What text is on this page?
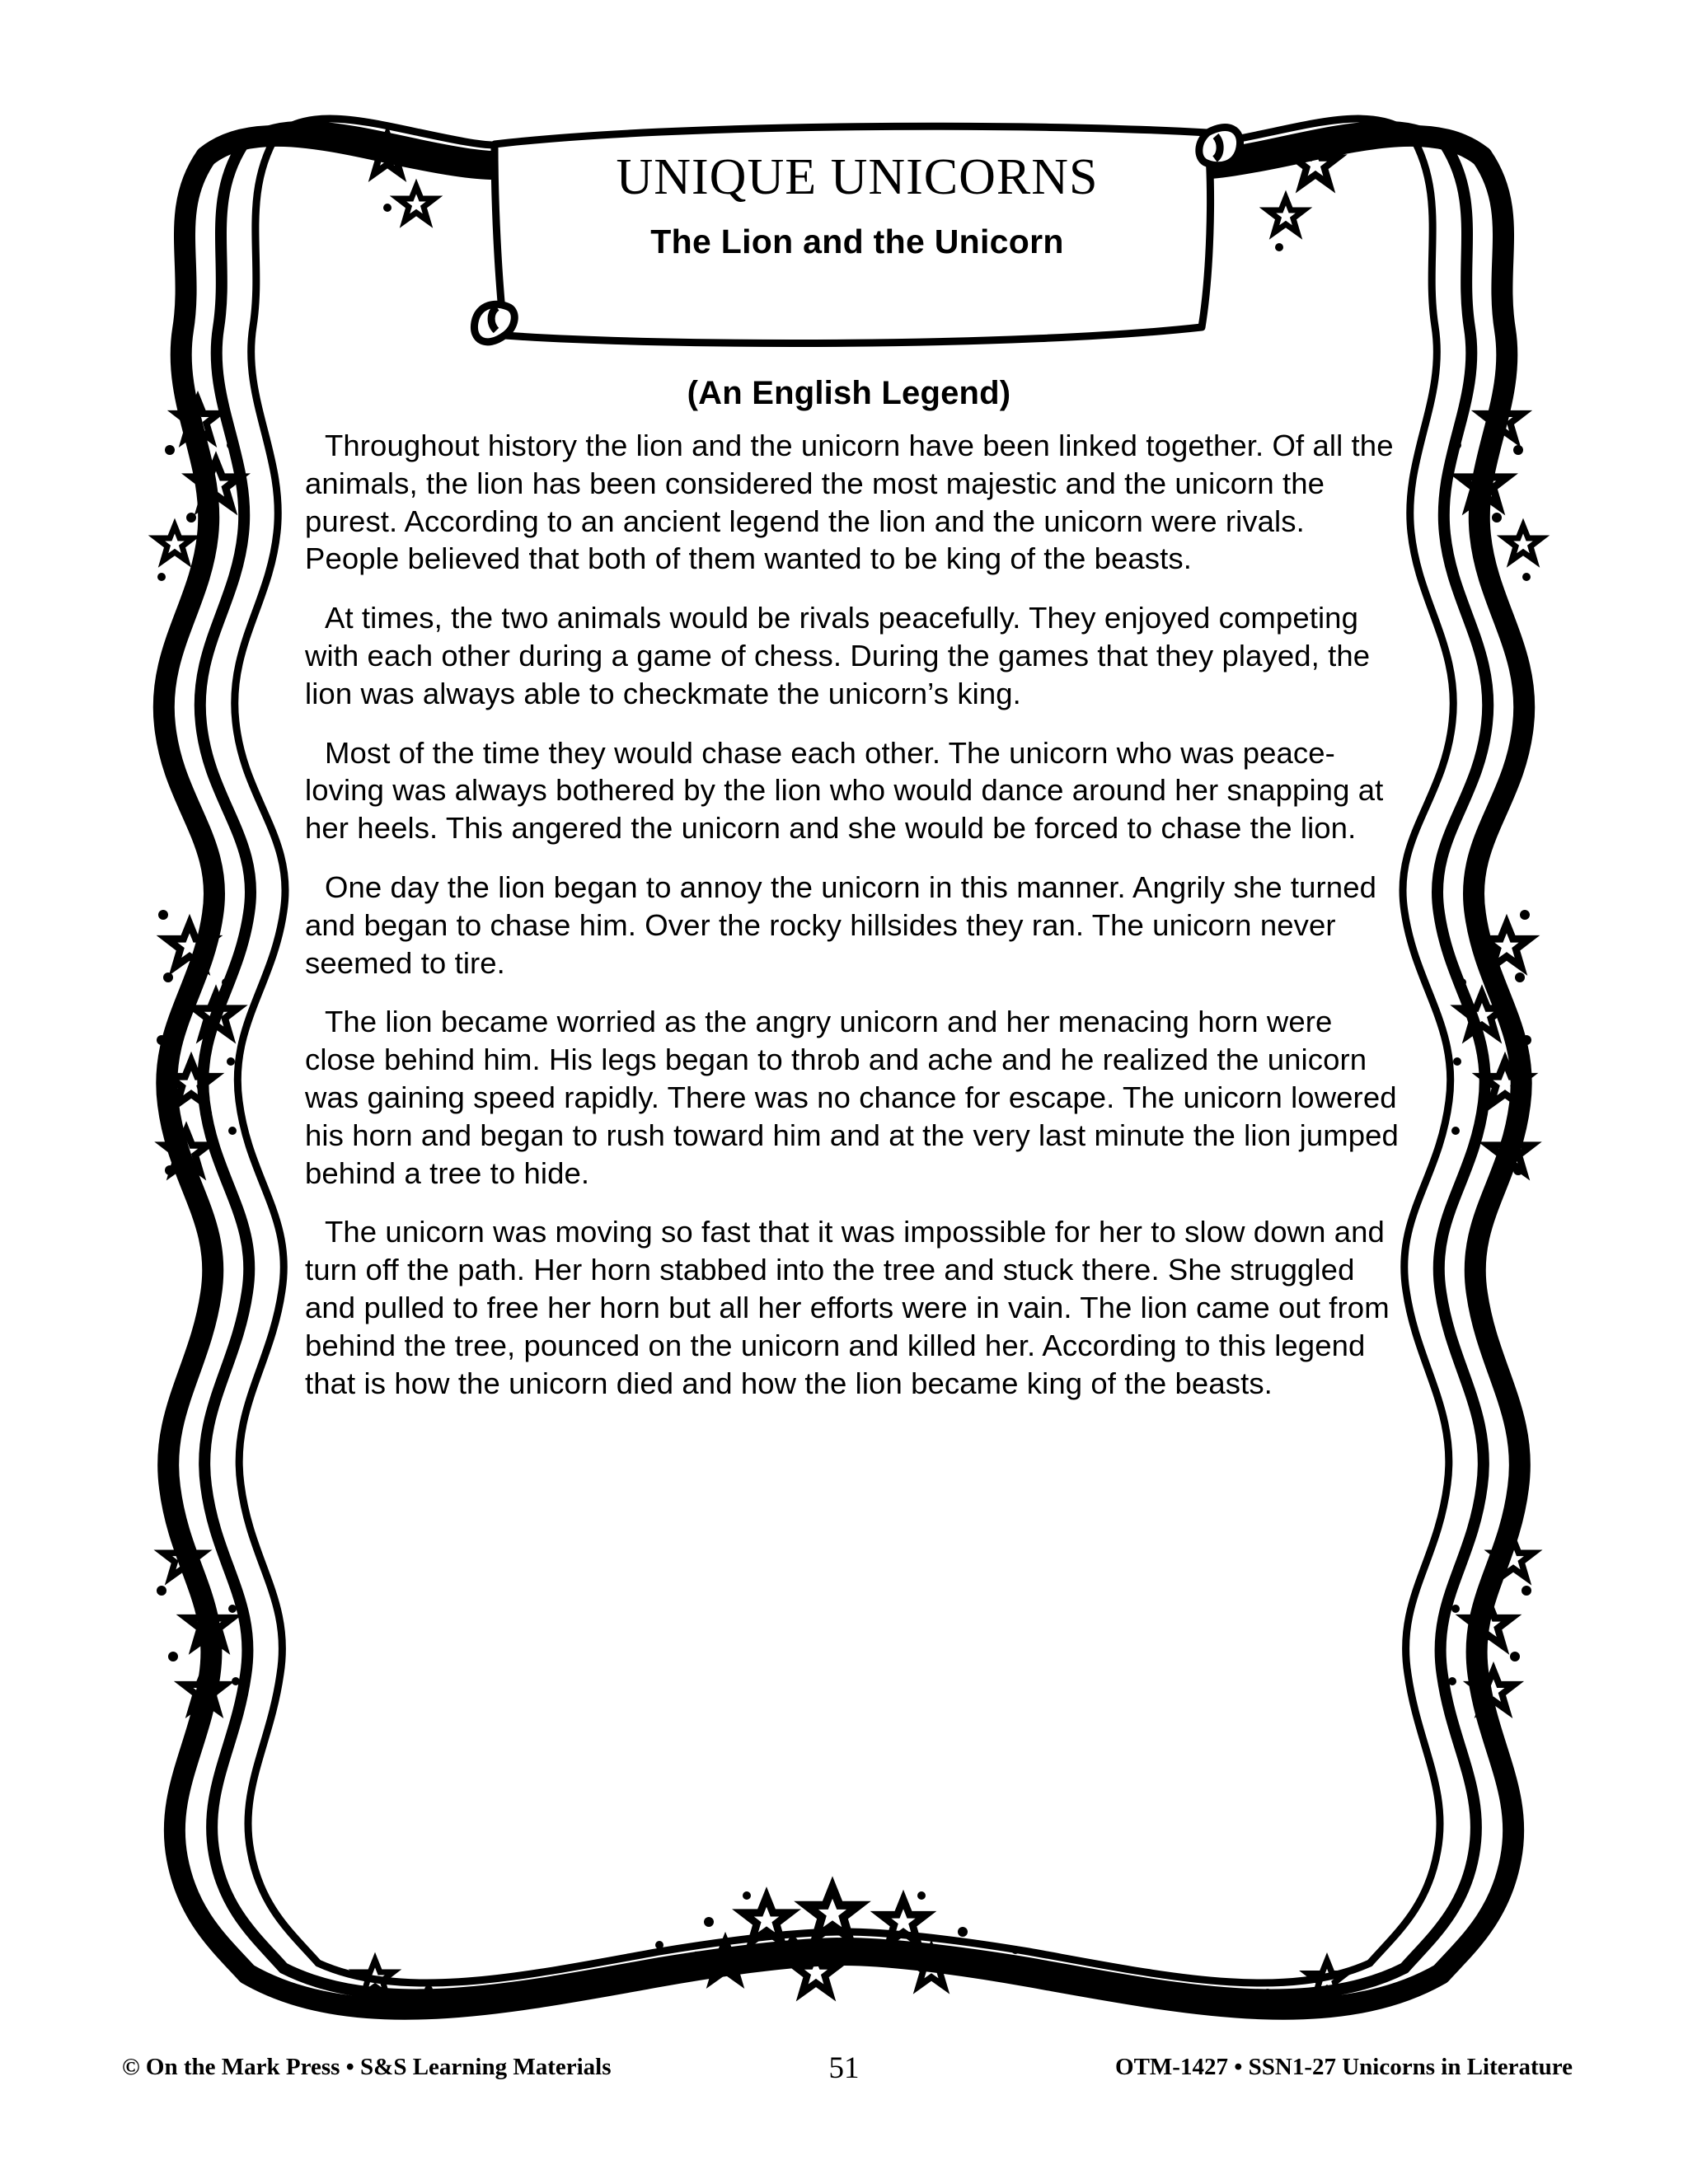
UNIQUE UNICORNS
The Lion and the Unicorn
(An English Legend)

Throughout history the lion and the unicorn have been linked together. Of all the animals, the lion has been considered the most majestic and the unicorn the purest. According to an ancient legend the lion and the unicorn were rivals. People believed that both of them wanted to be king of the beasts.

At times, the two animals would be rivals peacefully. They enjoyed competing with each other during a game of chess. During the games that they played, the lion was always able to checkmate the unicorn’s king.

Most of the time they would chase each other. The unicorn who was peace-loving was always bothered by the lion who would dance around her snapping at her heels. This angered the unicorn and she would be forced to chase the lion.

One day the lion began to annoy the unicorn in this manner. Angrily she turned and began to chase him. Over the rocky hillsides they ran. The unicorn never seemed to tire.

The lion became worried as the angry unicorn and her menacing horn were close behind him. His legs began to throb and ache and he realized the unicorn was gaining speed rapidly. There was no chance for escape. The unicorn lowered his horn and began to rush toward him and at the very last minute the lion jumped behind a tree to hide.

The unicorn was moving so fast that it was impossible for her to slow down and turn off the path. Her horn stabbed into the tree and stuck there. She struggled and pulled to free her horn but all her efforts were in vain. The lion came out from behind the tree, pounced on the unicorn and killed her. According to this legend that is how the unicorn died and how the lion became king of the beasts.

© On the Mark Press • S&S Learning Materials	51	OTM-1427 • SSN1-27 Unicorns in Literature
